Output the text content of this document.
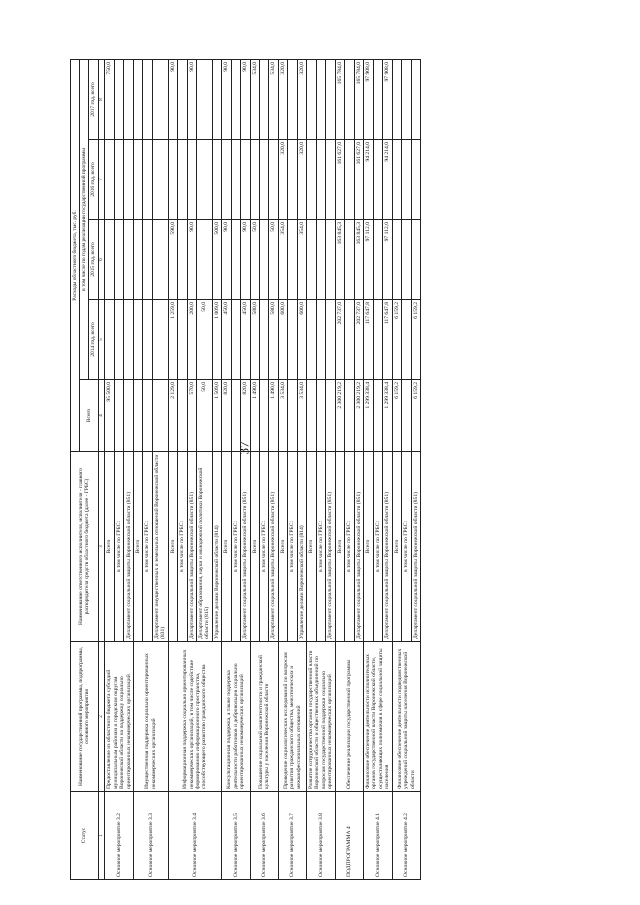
37
Статус	Наименование государственной программы, подпрограммы, основного мероприятия	Наименование ответственного исполнителя, исполнителя - главного распорядителя средств областного бюджета (далее - ГРБС)	Расходы областного бюджета, тыс. руб.				
			Всего	в том числе по годам реализации государственной программы			
				2014 год, всего	2015 год, всего	2016 год, всего	2017 год, всего
1	2	3	4	5	6	7	8
Основное мероприятие 3.2	Предоставление из областного бюджета субсидий муниципальным районам и городским округам Воронежской области на поддержку социально ориентированных некоммерческих организаций	Всего	95 500,0				750,0
		в том числе по ГРБС:					
		Департамент социальной защиты Воронежской области (851)					
Основное мероприятие 3.3	Имущественная поддержка социально ориентированных некоммерческих организаций	Всего					
		в том числе по ГРБС:					
		Департамент имущественных и земельных отношений Воронежской области (831)					
Основное мероприятие 3.4	Информационная поддержка социально ориентированных некоммерческих организаций, в том числе содействие формированию информационного пространства, способствующего развитию гражданского общества	Всего	2 129,0	1 259,0	590,0		90,0
		в том числе по ГРБС:					
		Департамент социальной защиты Воронежской области (851)	570,0	200,0	90,0		90,0
		Департамент образования, науки и молодежной политики Воронежской области (815)	50,0	50,0			
		Управление делами Воронежской области (814)	1 509,0	1 009,0	500,0		
Основное мероприятие 3.5	Консультационная поддержка, а также поддержка деятельности работников и добровольцев социально ориентированных некоммерческих организаций	Всего	820,0	450,0	90,0		90,0
		в том числе по ГРБС:					
		Департамент социальной защиты Воронежской области (851)	820,0	450,0	90,0		90,0
Основное мероприятие 3.6	Повышение социальной компетентности и гражданской культуры у населения Воронежской области	Всего	1 490,0	580,0	50,0		534,0
		в том числе по ГРБС:					
		Департамент социальной защиты Воронежской области (851)	1 490,0	580,0	50,0		534,0
Основное мероприятие 3.7	Проведение социологических исследований по вопросам развития гражданского общества, межэтнических и межконфессиональных отношений	Всего	3 534,0	600,0	354,0	320,0	320,0
		в том числе по ГРБС:					
		Управление делами Воронежской области (814)	3 534,0	600,0	354,0	320,0	320,0
Основное мероприятие 3.8	Развитие сотрудничества органов государственной власти Воронежской области и общественных объединений по вопросам государственной поддержки социально ориентированных некоммерческих организаций	Всего					
		в том числе по ГРБС:					
		Департамент социальной защиты Воронежской области (851)					
ПОДПРОГРАММА 4	Обеспечение реализации государственной программы	Всего	2 300 219,2	202 737,0	163 845,3	161 627,0	165 784,0
		в том числе по ГРБС:					
		Департамент социальной защиты Воронежской области (851)	2 300 219,2	202 737,0	163 845,3	161 627,0	165 784,0
Основное мероприятие 4.1	Финансовое обеспечение деятельности исполнительных органов государственной власти Воронежской области, осуществляющих полномочия в сфере социальной защиты населения	Всего	1 299 338,4	117 647,8	97 112,0	94 214,0	97 908,0
		в том числе по ГРБС:					
		Департамент социальной защиты Воронежской области (851)	1 299 338,4	117 647,8	97 112,0	94 214,0	97 908,0
Основное мероприятие 4.2	Финансовое обеспечение деятельности подведомственных учреждений социальной защиты населения Воронежской области	Всего	6 159,2	6 159,2			
		в том числе по ГРБС:					
		Департамент социальной защиты Воронежской области (851)	6 159,2	6 159,2			
